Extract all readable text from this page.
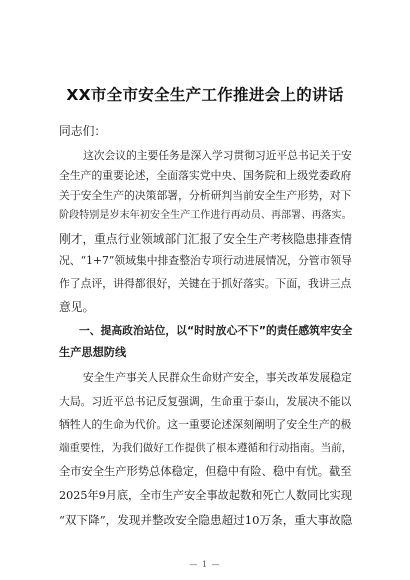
XX市全市安全生产工作推进会上的讲话
同志们：
这次会议的主要任务是深入学习贯彻习近平总书记关于安
全生产的重要论述，全面落实党中央、国务院和上级党委政府
关于安全生产的决策部署，分析研判当前安全生产形势，对下
阶段特别是岁末年初安全生产工作进行再动员、再部署、再落实。
刚才，重点行业领域部门汇报了安全生产考核隐患排查情
况、“1+7”领域集中排查整治专项行动进展情况，分管市领导
作了点评，讲得都很好，关键在于抓好落实。下面，我讲三点
意见。
一、提高政治站位，以“时时放心不下”的责任感筑牢安全
生产思想防线
安全生产事关人民群众生命财产安全，事关改革发展稳定
大局。习近平总书记反复强调，生命重于泰山，发展决不能以
牺牲人的生命为代价。这一重要论述深刻阐明了安全生产的极
端重要性，为我们做好工作提供了根本遵循和行动指南。当前，
全市安全生产形势总体稳定，但稳中有险、稳中有忧。截至
2025年9月底，全市生产安全事故起数和死亡人数同比实现
“双下降”，发现并整改安全隐患超过10万条，重大事故隐
— 1 —
